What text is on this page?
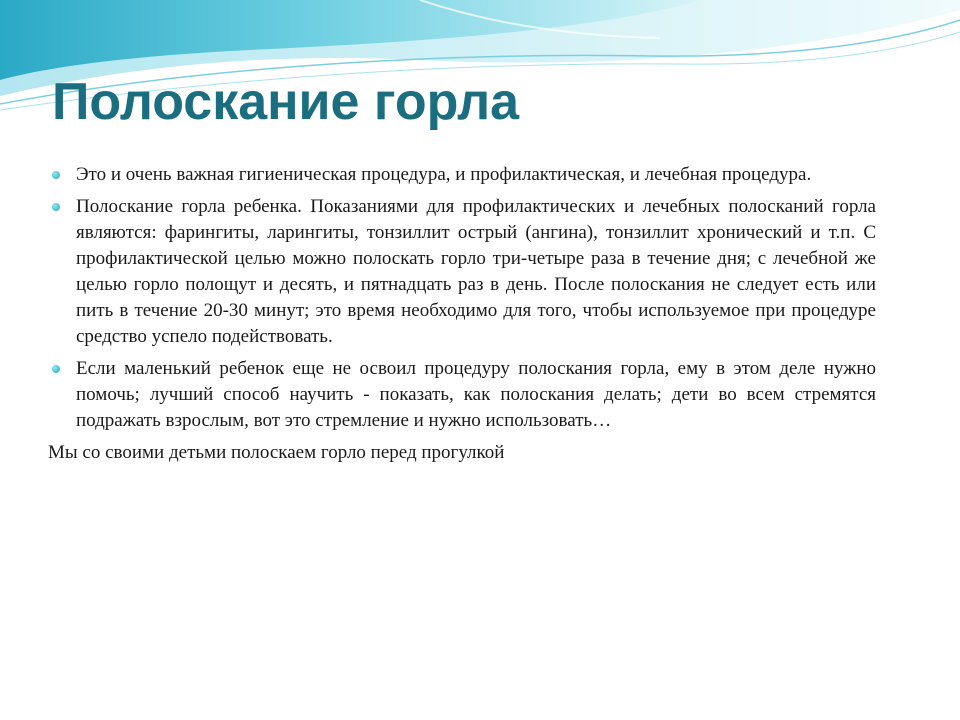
Полоскание горла
Это и очень важная гигиеническая процедура, и профилактическая, и лечебная процедура.
Полоскание горла ребенка. Показаниями для профилактических и лечебных полосканий горла являются: фарингиты, ларингиты, тонзиллит острый (ангина), тонзиллит хронический и т.п. С профилактической целью можно полоскать горло три-четыре раза в течение дня; с лечебной же целью горло полощут и десять, и пятнадцать раз в день. После полоскания не следует есть или пить в течение 20-30 минут; это время необходимо для того, чтобы используемое при процедуре средство успело подействовать.
Если маленький ребенок еще не освоил процедуру полоскания горла, ему в этом деле нужно помочь; лучший способ научить - показать, как полоскания делать; дети во всем стремятся подражать взрослым, вот это стремление и нужно использовать…

Мы со своими детьми полоскаем горло перед прогулкой
